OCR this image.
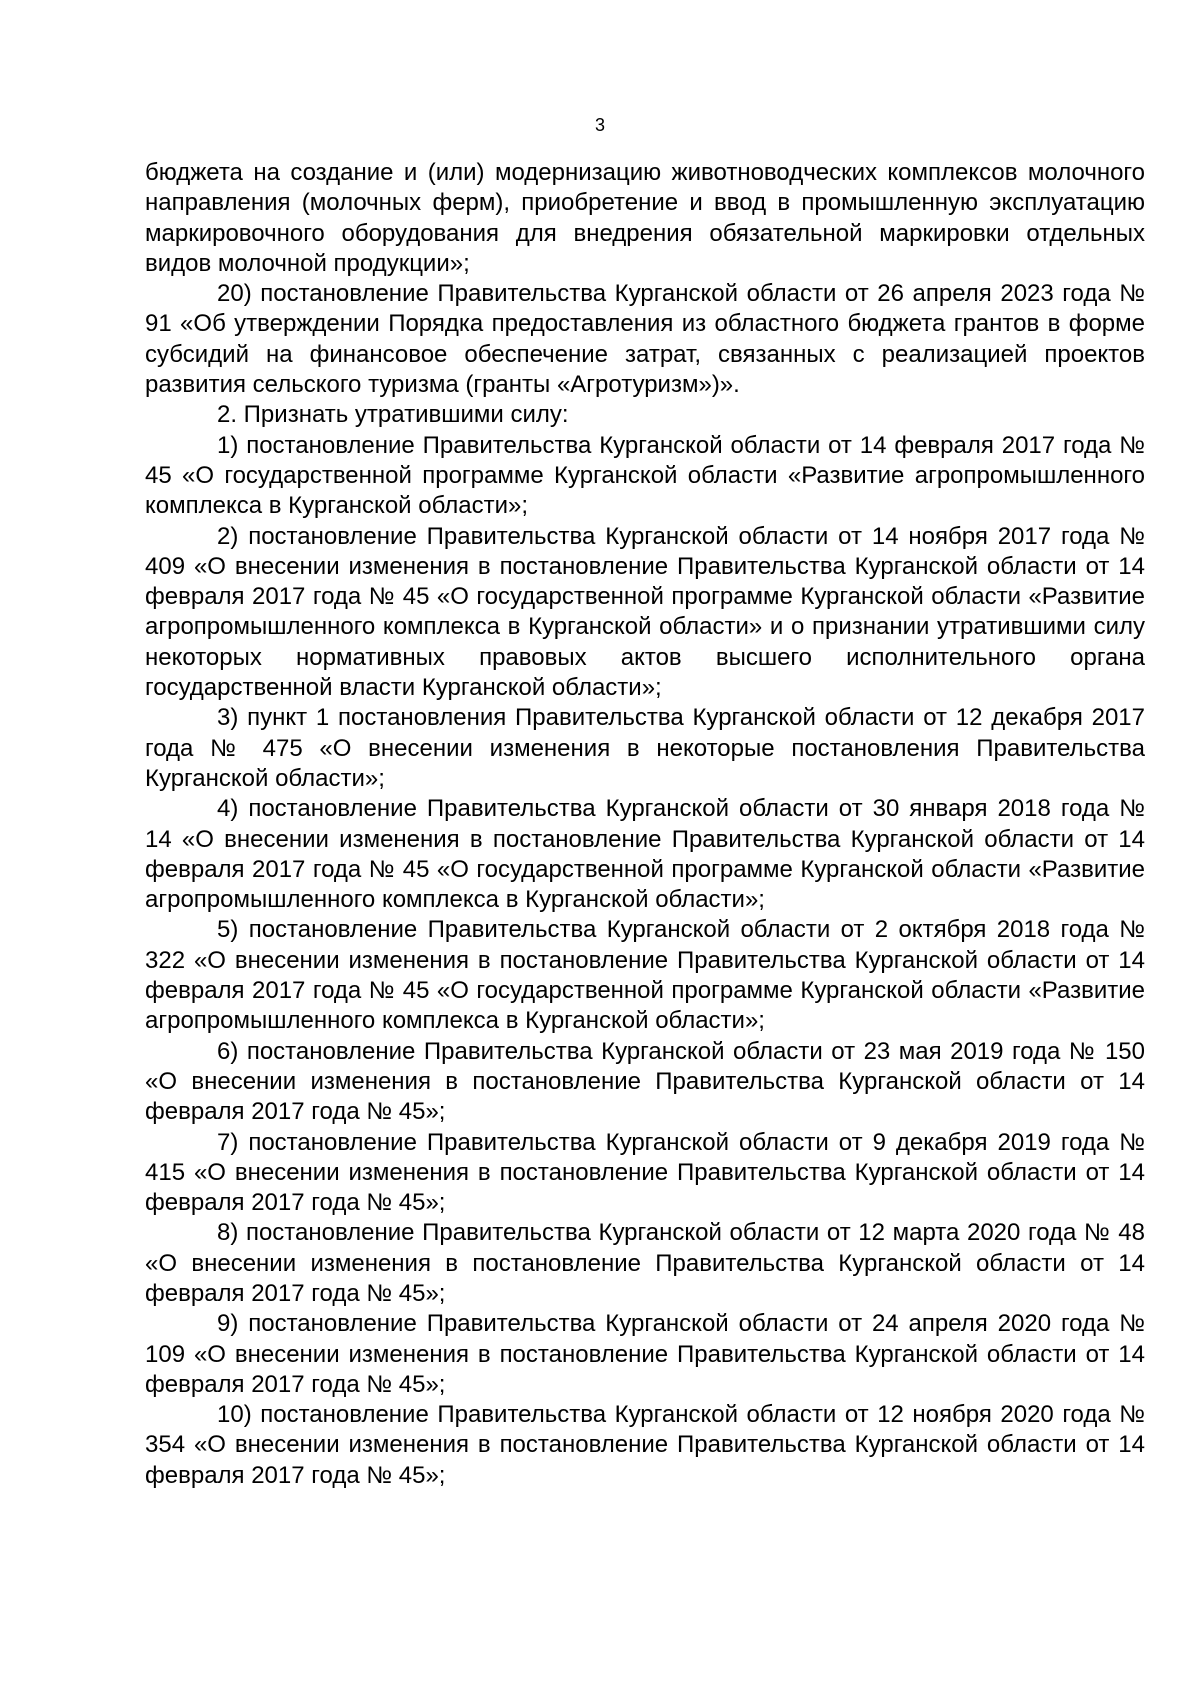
3

бюджета на создание и (или) модернизацию животноводческих комплексов молочного направления (молочных ферм), приобретение и ввод в промышленную эксплуатацию маркировочного оборудования для внедрения обязательной маркировки отдельных видов молочной продукции»;

20) постановление Правительства Курганской области от 26 апреля 2023 года № 91 «Об утверждении Порядка предоставления из областного бюджета грантов в форме субсидий на финансовое обеспечение затрат, связанных с реализацией проектов развития сельского туризма (гранты «Агротуризм»)».

2. Признать утратившими силу:

1) постановление Правительства Курганской области от 14 февраля 2017 года № 45 «О государственной программе Курганской области «Развитие агропромышленного комплекса в Курганской области»;

2) постановление Правительства Курганской области от 14 ноября 2017 года № 409 «О внесении изменения в постановление Правительства Курганской области от 14 февраля 2017 года № 45 «О государственной программе Курганской области «Развитие агропромышленного комплекса в Курганской области» и о признании утратившими силу некоторых нормативных правовых актов высшего исполнительного органа государственной власти Курганской области»;

3) пункт 1 постановления Правительства Курганской области от 12 декабря 2017 года № 475 «О внесении изменения в некоторые постановления Правительства Курганской области»;

4) постановление Правительства Курганской области от 30 января 2018 года № 14 «О внесении изменения в постановление Правительства Курганской области от 14 февраля 2017 года № 45 «О государственной программе Курганской области «Развитие агропромышленного комплекса в Курганской области»;

5) постановление Правительства Курганской области от 2 октября 2018 года № 322 «О внесении изменения в постановление Правительства Курганской области от 14 февраля 2017 года № 45 «О государственной программе Курганской области «Развитие агропромышленного комплекса в Курганской области»;

6) постановление Правительства Курганской области от 23 мая 2019 года № 150 «О внесении изменения в постановление Правительства Курганской области от 14 февраля 2017 года № 45»;

7) постановление Правительства Курганской области от 9 декабря 2019 года № 415 «О внесении изменения в постановление Правительства Курганской области от 14 февраля 2017 года № 45»;

8) постановление Правительства Курганской области от 12 марта 2020 года № 48 «О внесении изменения в постановление Правительства Курганской области от 14 февраля 2017 года № 45»;

9) постановление Правительства Курганской области от 24 апреля 2020 года № 109 «О внесении изменения в постановление Правительства Курганской области от 14 февраля 2017 года № 45»;

10) постановление Правительства Курганской области от 12 ноября 2020 года № 354 «О внесении изменения в постановление Правительства Курганской области от 14 февраля 2017 года № 45»;
